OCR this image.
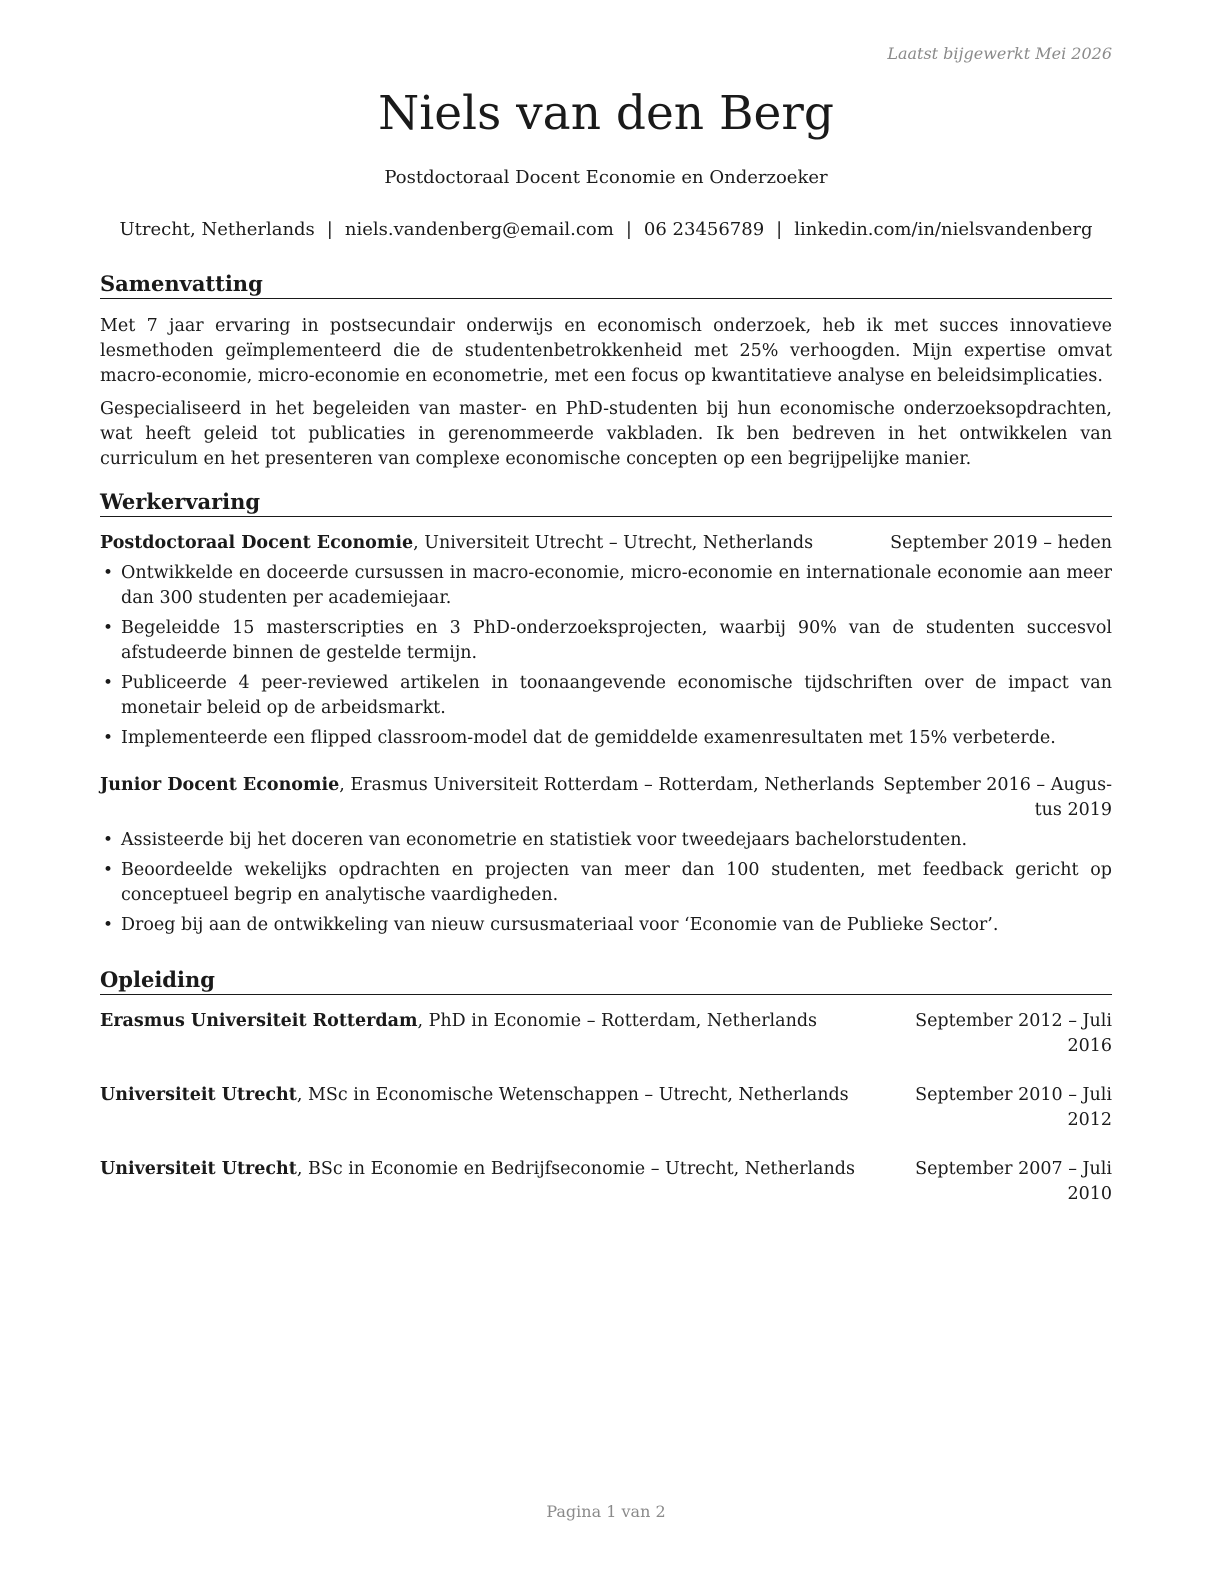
Laatst bijgewerkt Mei 2026
Niels van den Berg
Postdoctoraal Docent Economie en Onderzoeker
Utrecht, Netherlands | niels.vandenberg@email.com | 06 23456789 | linkedin.com/in/nielsvandenberg
Samenvatting

Met 7 jaar ervaring in postsecundair onderwijs en economisch onderzoek, heb ik met succes innovatieve lesmethoden geïmplementeerd die de studentenbetrokkenheid met 25% verhoogden. Mijn expertise omvat macro-economie, micro-economie en econometrie, met een focus op kwantitatieve analyse en beleidsimplicaties.

Gespecialiseerd in het begeleiden van master- en PhD-studenten bij hun economische onderzoeksopdrachten, wat heeft geleid tot publicaties in gerenommeerde vakbladen. Ik ben bedreven in het ontwikkelen van curriculum en het presenteren van complexe economische concepten op een begrijpelijke manier.

Werkervaring
Postdoctoraal Docent Economie, Universiteit Utrecht – Utrecht, Netherlands	September 2019 – heden
• Ontwikkelde en doceerde cursussen in macro-economie, micro-economie en internationale economie aan meer dan 300 studenten per academiejaar.
• Begeleidde 15 masterscripties en 3 PhD-onderzoeksprojecten, waarbij 90% van de studenten succesvol afstudeerde binnen de gestelde termijn.
• Publiceerde 4 peer-reviewed artikelen in toonaangevende economische tijdschriften over de impact van monetair beleid op de arbeidsmarkt.
• Implementeerde een flipped classroom-model dat de gemiddelde examenresultaten met 15% verbeterde.
Junior Docent Economie, Erasmus Universiteit Rotterdam – Rotterdam, Netherlands September 2016 – Augustus 2019
• Assisteerde bij het doceren van econometrie en statistiek voor tweedejaars bachelorstudenten.
• Beoordeelde wekelijks opdrachten en projecten van meer dan 100 studenten, met feedback gericht op conceptueel begrip en analytische vaardigheden.
• Droeg bij aan de ontwikkeling van nieuw cursusmateriaal voor ‘Economie van de Publieke Sector’.
Opleiding
Erasmus Universiteit Rotterdam, PhD in Economie – Rotterdam, Netherlands	September 2012 – Juli 2016
Universiteit Utrecht, MSc in Economische Wetenschappen – Utrecht, Netherlands	September 2010 – Juli 2012
Universiteit Utrecht, BSc in Economie en Bedrijfseconomie – Utrecht, Netherlands	September 2007 – Juli 2010
Pagina 1 van 2
